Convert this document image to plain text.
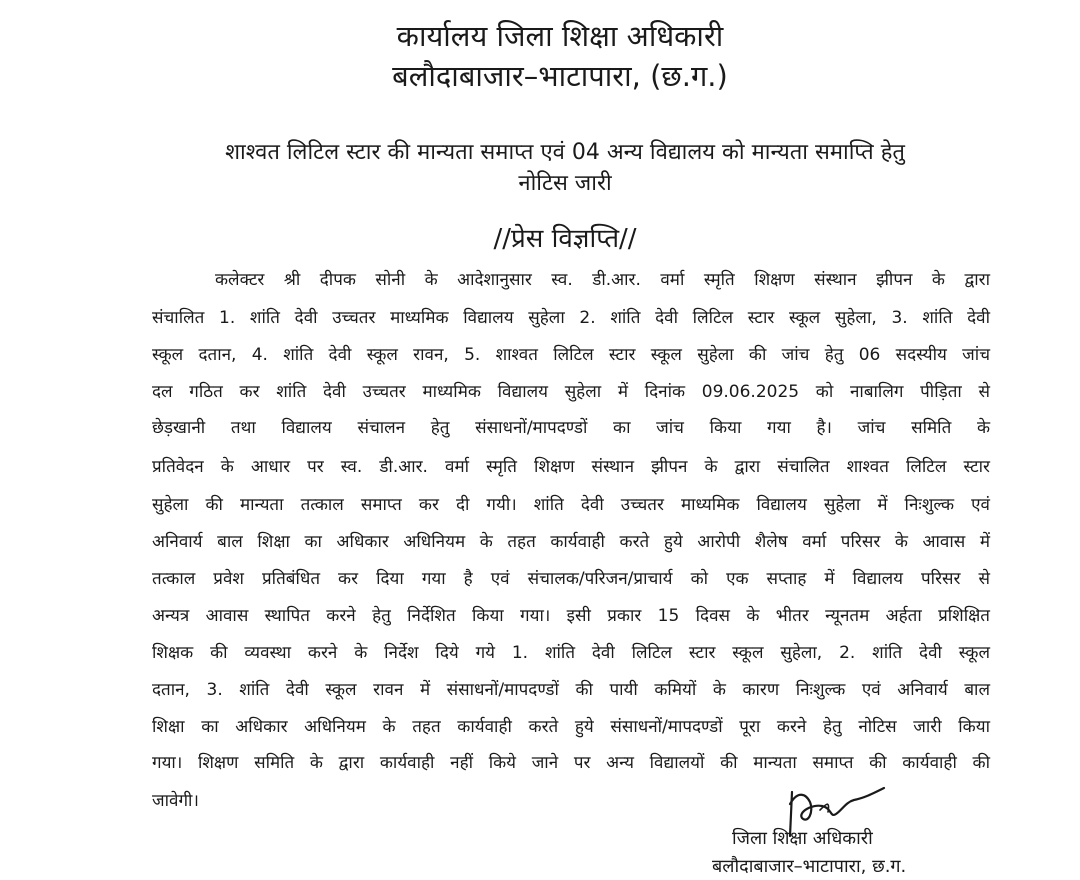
कार्यालय जिला शिक्षा अधिकारी
बलौदाबाजार–भाटापारा, (छ.ग.)
शाश्वत लिटिल स्टार की मान्यता समाप्त एवं 04 अन्य विद्यालय को मान्यता समाप्ति हेतु
नोटिस जारी
//प्रेस विज्ञप्ति//
कलेक्टर श्री दीपक सोनी के आदेशानुसार स्व. डी.आर. वर्मा स्मृति शिक्षण संस्थान झीपन के द्वारा
संचालित 1. शांति देवी उच्चतर माध्यमिक विद्यालय सुहेला 2. शांति देवी लिटिल स्टार स्कूल सुहेला, 3. शांति देवी
स्कूल दतान, 4. शांति देवी स्कूल रावन, 5. शाश्वत लिटिल स्टार स्कूल सुहेला की जांच हेतु 06 सदस्यीय जांच
दल गठित कर शांति देवी उच्चतर माध्यमिक विद्यालय सुहेला में दिनांक 09.06.2025 को नाबालिग पीड़िता से
छेड़खानी तथा विद्यालय संचालन हेतु संसाधनों/मापदण्डों का जांच किया गया है। जांच समिति के
प्रतिवेदन के आधार पर स्व. डी.आर. वर्मा स्मृति शिक्षण संस्थान झीपन के द्वारा संचालित शाश्वत लिटिल स्टार
सुहेला की मान्यता तत्काल समाप्त कर दी गयी। शांति देवी उच्चतर माध्यमिक विद्यालय सुहेला में निःशुल्क एवं
अनिवार्य बाल शिक्षा का अधिकार अधिनियम के तहत कार्यवाही करते हुये आरोपी शैलेष वर्मा परिसर के आवास में
तत्काल प्रवेश प्रतिबंधित कर दिया गया है एवं संचालक/परिजन/प्राचार्य को एक सप्ताह में विद्यालय परिसर से
अन्यत्र आवास स्थापित करने हेतु निर्देशित किया गया। इसी प्रकार 15 दिवस के भीतर न्यूनतम अर्हता प्रशिक्षित
शिक्षक की व्यवस्था करने के निर्देश दिये गये 1. शांति देवी लिटिल स्टार स्कूल सुहेला, 2. शांति देवी स्कूल
दतान, 3. शांति देवी स्कूल रावन में संसाधनों/मापदण्डों की पायी कमियों के कारण निःशुल्क एवं अनिवार्य बाल
शिक्षा का अधिकार अधिनियम के तहत कार्यवाही करते हुये संसाधनों/मापदण्डों पूरा करने हेतु नोटिस जारी किया
गया। शिक्षण समिति के द्वारा कार्यवाही नहीं किये जाने पर अन्य विद्यालयों की मान्यता समाप्त की कार्यवाही की
जावेगी।
जिला शिक्षा अधिकारी
बलौदाबाजार–भाटापारा, छ.ग.
